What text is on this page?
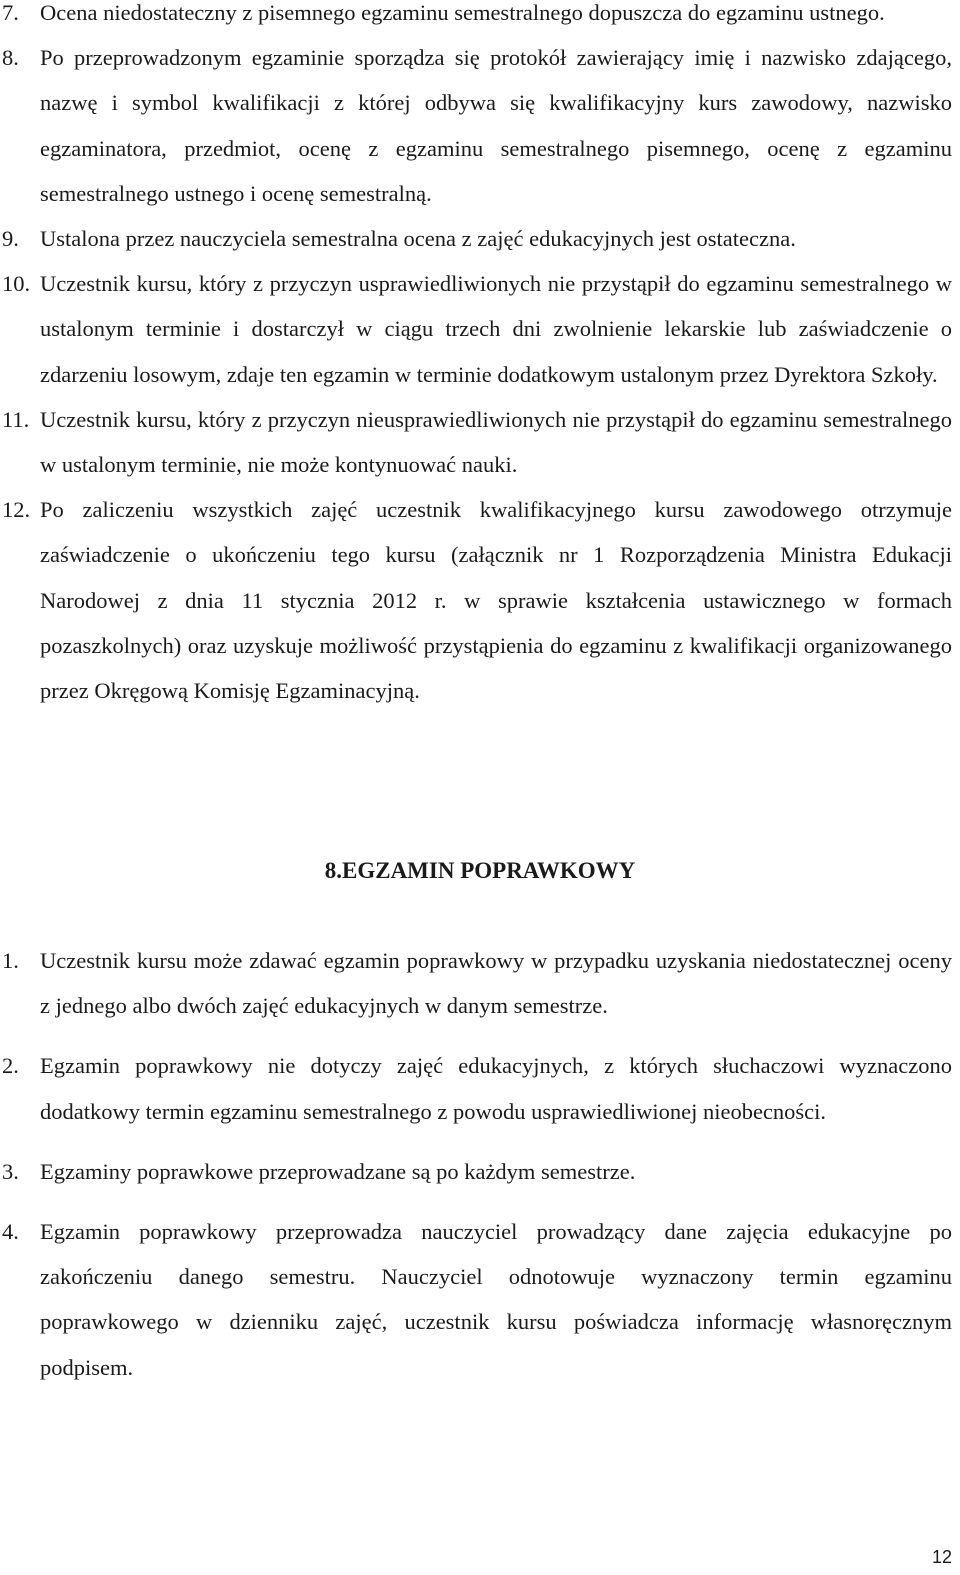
7. Ocena niedostateczny z pisemnego egzaminu semestralnego dopuszcza do egzaminu ustnego.
8. Po przeprowadzonym egzaminie sporządza się protokół zawierający imię i nazwisko zdającego, nazwę i symbol kwalifikacji z której odbywa się kwalifikacyjny kurs zawodowy, nazwisko egzaminatora, przedmiot, ocenę z egzaminu semestralnego pisemnego, ocenę z egzaminu semestralnego ustnego i ocenę semestralną.
9. Ustalona przez nauczyciela semestralna ocena z zajęć edukacyjnych jest ostateczna.
10. Uczestnik kursu, który z przyczyn usprawiedliwionych nie przystąpił do egzaminu semestralnego w ustalonym terminie i dostarczył w ciągu trzech dni zwolnienie lekarskie lub zaświadczenie o zdarzeniu losowym, zdaje ten egzamin w terminie dodatkowym ustalonym przez Dyrektora Szkoły.
11. Uczestnik kursu, który z przyczyn nieusprawiedliwionych nie przystąpił do egzaminu semestralnego w ustalonym terminie, nie może kontynuować nauki.
12. Po zaliczeniu wszystkich zajęć uczestnik kwalifikacyjnego kursu zawodowego otrzymuje zaświadczenie o ukończeniu tego kursu (załącznik nr 1 Rozporządzenia Ministra Edukacji Narodowej z dnia 11 stycznia 2012 r. w sprawie kształcenia ustawicznego w formach pozaszkolnych) oraz uzyskuje możliwość przystąpienia do egzaminu z kwalifikacji organizowanego przez Okręgową Komisję Egzaminacyjną.
8.EGZAMIN POPRAWKOWY
1. Uczestnik kursu może zdawać egzamin poprawkowy w przypadku uzyskania niedostatecznej oceny z jednego albo dwóch zajęć edukacyjnych w danym semestrze.
2. Egzamin poprawkowy nie dotyczy zajęć edukacyjnych, z których słuchaczowi wyznaczono dodatkowy termin egzaminu semestralnego z powodu usprawiedliwionej nieobecności.
3. Egzaminy poprawkowe przeprowadzane są po każdym semestrze.
4. Egzamin poprawkowy przeprowadza nauczyciel prowadzący dane zajęcia edukacyjne po zakończeniu danego semestru. Nauczyciel odnotowuje wyznaczony termin egzaminu poprawkowego w dzienniku zajęć, uczestnik kursu poświadcza informację własnoręcznym podpisem.
12
